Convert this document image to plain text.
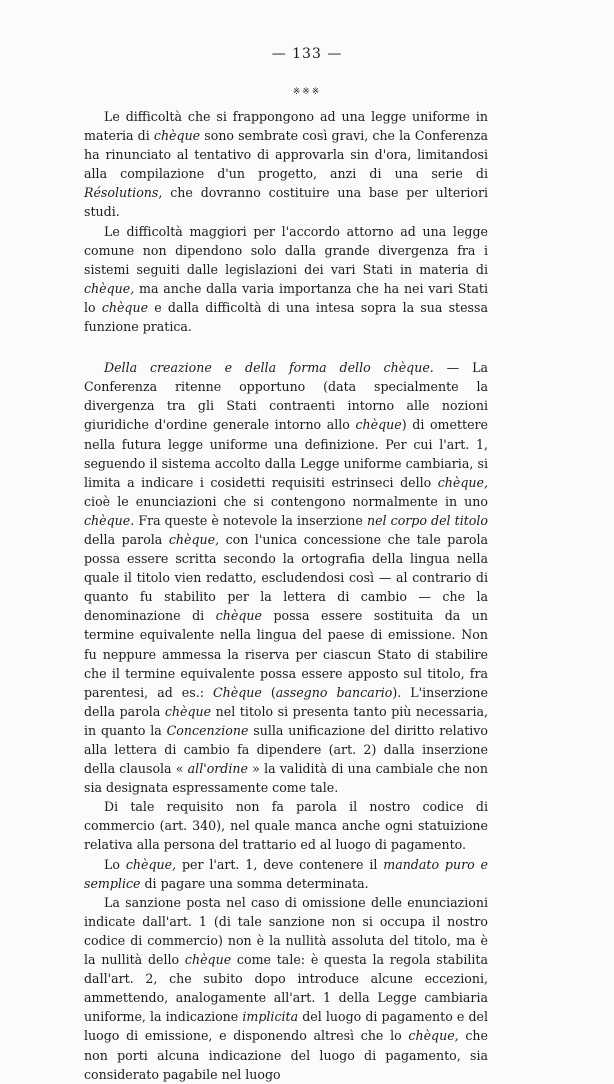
— 133 —
※※※

Le difficoltà che si frappongono ad una legge uniforme in materia di chèque sono sembrate così gravi, che la Conferenza ha rinunciato al tentativo di approvarla sin d'ora, limitandosi alla compilazione d'un progetto, anzi di una serie di Résolutions, che dovranno costituire una base per ulteriori studi.

Le difficoltà maggiori per l'accordo attorno ad una legge comune non dipendono solo dalla grande divergenza fra i sistemi seguiti dalle legislazioni dei vari Stati in materia di chèque, ma anche dalla varia importanza che ha nei vari Stati lo chèque e dalla difficoltà di una intesa sopra la sua stessa funzione pratica.

Della creazione e della forma dello chèque. — La Conferenza ritenne opportuno (data specialmente la divergenza tra gli Stati contraenti intorno alle nozioni giuridiche d'ordine generale intorno allo chèque) di omettere nella futura legge uniforme una definizione. Per cui l'art. 1, seguendo il sistema accolto dalla Legge uniforme cambiaria, si limita a indicare i cosidetti requisiti estrinseci dello chèque, cioè le enunciazioni che si contengono normalmente in uno chèque. Fra queste è notevole la inserzione nel corpo del titolo della parola chèque, con l'unica concessione che tale parola possa essere scritta secondo la ortografia della lingua nella quale il titolo vien redatto, escludendosi così — al contrario di quanto fu stabilito per la lettera di cambio — che la denominazione di chèque possa essere sostituita da un termine equivalente nella lingua del paese di emissione. Non fu neppure ammessa la riserva per ciascun Stato di stabilire che il termine equivalente possa essere apposto sul titolo, fra parentesi, ad es.: Chèque (assegno bancario). L'inserzione della parola chèque nel titolo si presenta tanto più necessaria, in quanto la Concenzione sulla unificazione del diritto relativo alla lettera di cambio fa dipendere (art. 2) dalla inserzione della clausola « all'ordine » la validità di una cambiale che non sia designata espressamente come tale.

Di tale requisito non fa parola il nostro codice di commercio (art. 340), nel quale manca anche ogni statuizione relativa alla persona del trattario ed al luogo di pagamento.

Lo chèque, per l'art. 1, deve contenere il mandato puro e semplice di pagare una somma determinata.

La sanzione posta nel caso di omissione delle enunciazioni indicate dall'art. 1 (di tale sanzione non si occupa il nostro codice di commercio) non è la nullità assoluta del titolo, ma è la nullità dello chèque come tale: è questa la regola stabilita dall'art. 2, che subito dopo introduce alcune eccezioni, ammettendo, analogamente all'art. 1 della Legge cambiaria uniforme, la indicazione implicita del luogo di pagamento e del luogo di emissione, e disponendo altresì che lo chèque, che non porti alcuna indicazione del luogo di pagamento, sia considerato pagabile nel luogo
